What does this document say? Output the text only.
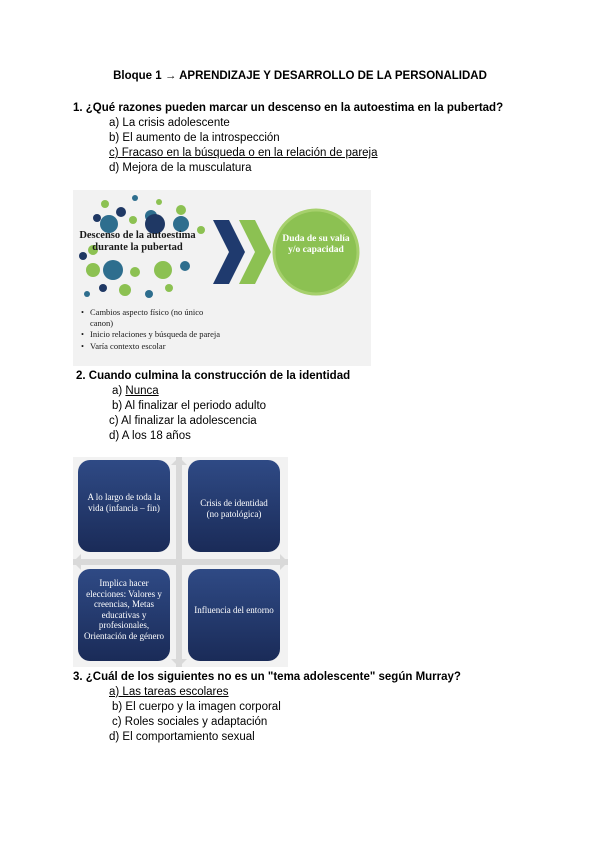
Bloque 1 → APRENDIZAJE Y DESARROLLO DE LA PERSONALIDAD
1. ¿Qué razones pueden marcar un descenso en la autoestima en la pubertad?
a) La crisis adolescente
b) El aumento de la introspección
c) Fracaso en la búsqueda o en la relación de pareja
d) Mejora de la musculatura
Descenso de la autoestima durante la pubertad
Duda de su valía y/o capacidad
• Cambios aspecto físico (no único canon)
• Inicio relaciones y búsqueda de pareja
• Varía contexto escolar
2. Cuando culmina la construcción de la identidad
a) Nunca
b) Al finalizar el periodo adulto
c) Al finalizar la adolescencia
d) A los 18 años
A lo largo de toda la vida (infancia – fin)	Crisis de identidad (no patológica)
Implica hacer elecciones: Valores y creencias, Metas educativas y profesionales, Orientación de género
Influencia del entorno
3. ¿Cuál de los siguientes no es un "tema adolescente" según Murray?
a) Las tareas escolares
b) El cuerpo y la imagen corporal
c) Roles sociales y adaptación
d) El comportamiento sexual
